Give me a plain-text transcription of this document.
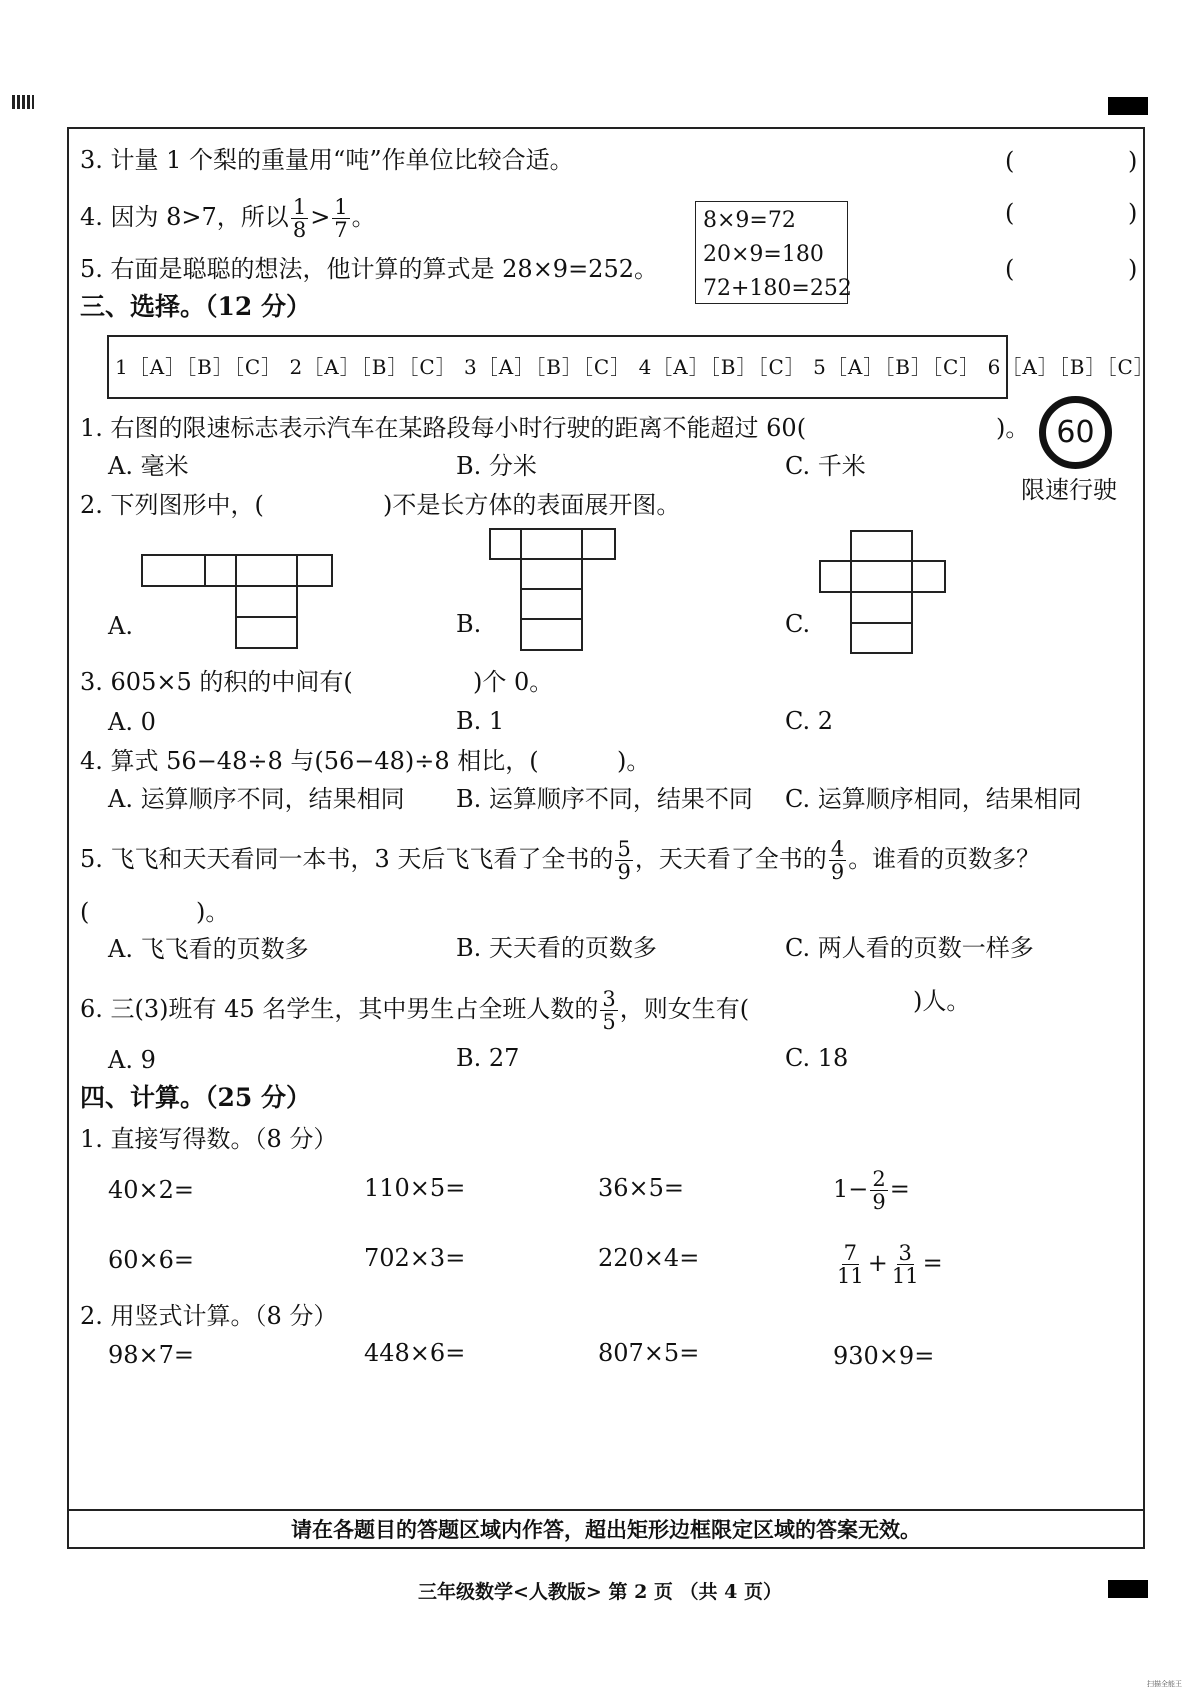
3. 计量 1 个梨的重量用“吨”作单位比较合适。
4. 因为 8>7，所以 $\frac{1}{8} > \frac{1}{7}$ 。
5. 右面是聪聪的想法，他计算的算式是 28×9=252。
(	)
(	)
(	)
8×9=72
20×9=180
72+180=252
三、选择。（12 分）
1［A］［B］［C］ 2［A］［B］［C］ 3［A］［B］［C］ 4［A］［B］［C］ 5［A］［B］［C］ 6［A］［B］［C］
1. 右图的限速标志表示汽车在某路段每小时行驶的距离不能超过 60(	)。
A. 毫米	B. 分米	C. 千米
60
限速行驶
2. 下列图形中，(	)不是长方体的表面展开图。
A.	B.	C.
3. 605×5 的积的中间有(	)个 0。
A. 0	B. 1	C. 2
4. 算式 56−48÷8 与(56−48)÷8 相比，(	)。
A. 运算顺序不同，结果相同 B. 运算顺序不同，结果不同 C. 运算顺序相同，结果相同
5. 飞飞和天天看同一本书，3 天后飞飞看了全书的 $\frac{5}{9}$ ，天天看了全书的 $\frac{4}{9}$ 。谁看的页数多？
(	)。
A. 飞飞看的页数多	B. 天天看的页数多	C. 两人看的页数一样多
6. 三(3)班有 45 名学生，其中男生占全班人数的 $\frac{3}{5}$ ，则女生有(	)人。
A. 9	B. 27	C. 18
四、计算。（25 分）
1. 直接写得数。（8 分）
40×2=	110×5=	36×5=	$1- \frac{2}{9}$ =
60×6=	702×3=	220×4=	$\frac{7}{11} + \frac{3}{11}$ =
2. 用竖式计算。（8 分）
98×7=	448×6=	807×5=	930×9=
请在各题目的答题区域内作答，超出矩形边框限定区域的答案无效。
三年级数学<人教版> 第 2 页 （共 4 页）
扫描全能王
